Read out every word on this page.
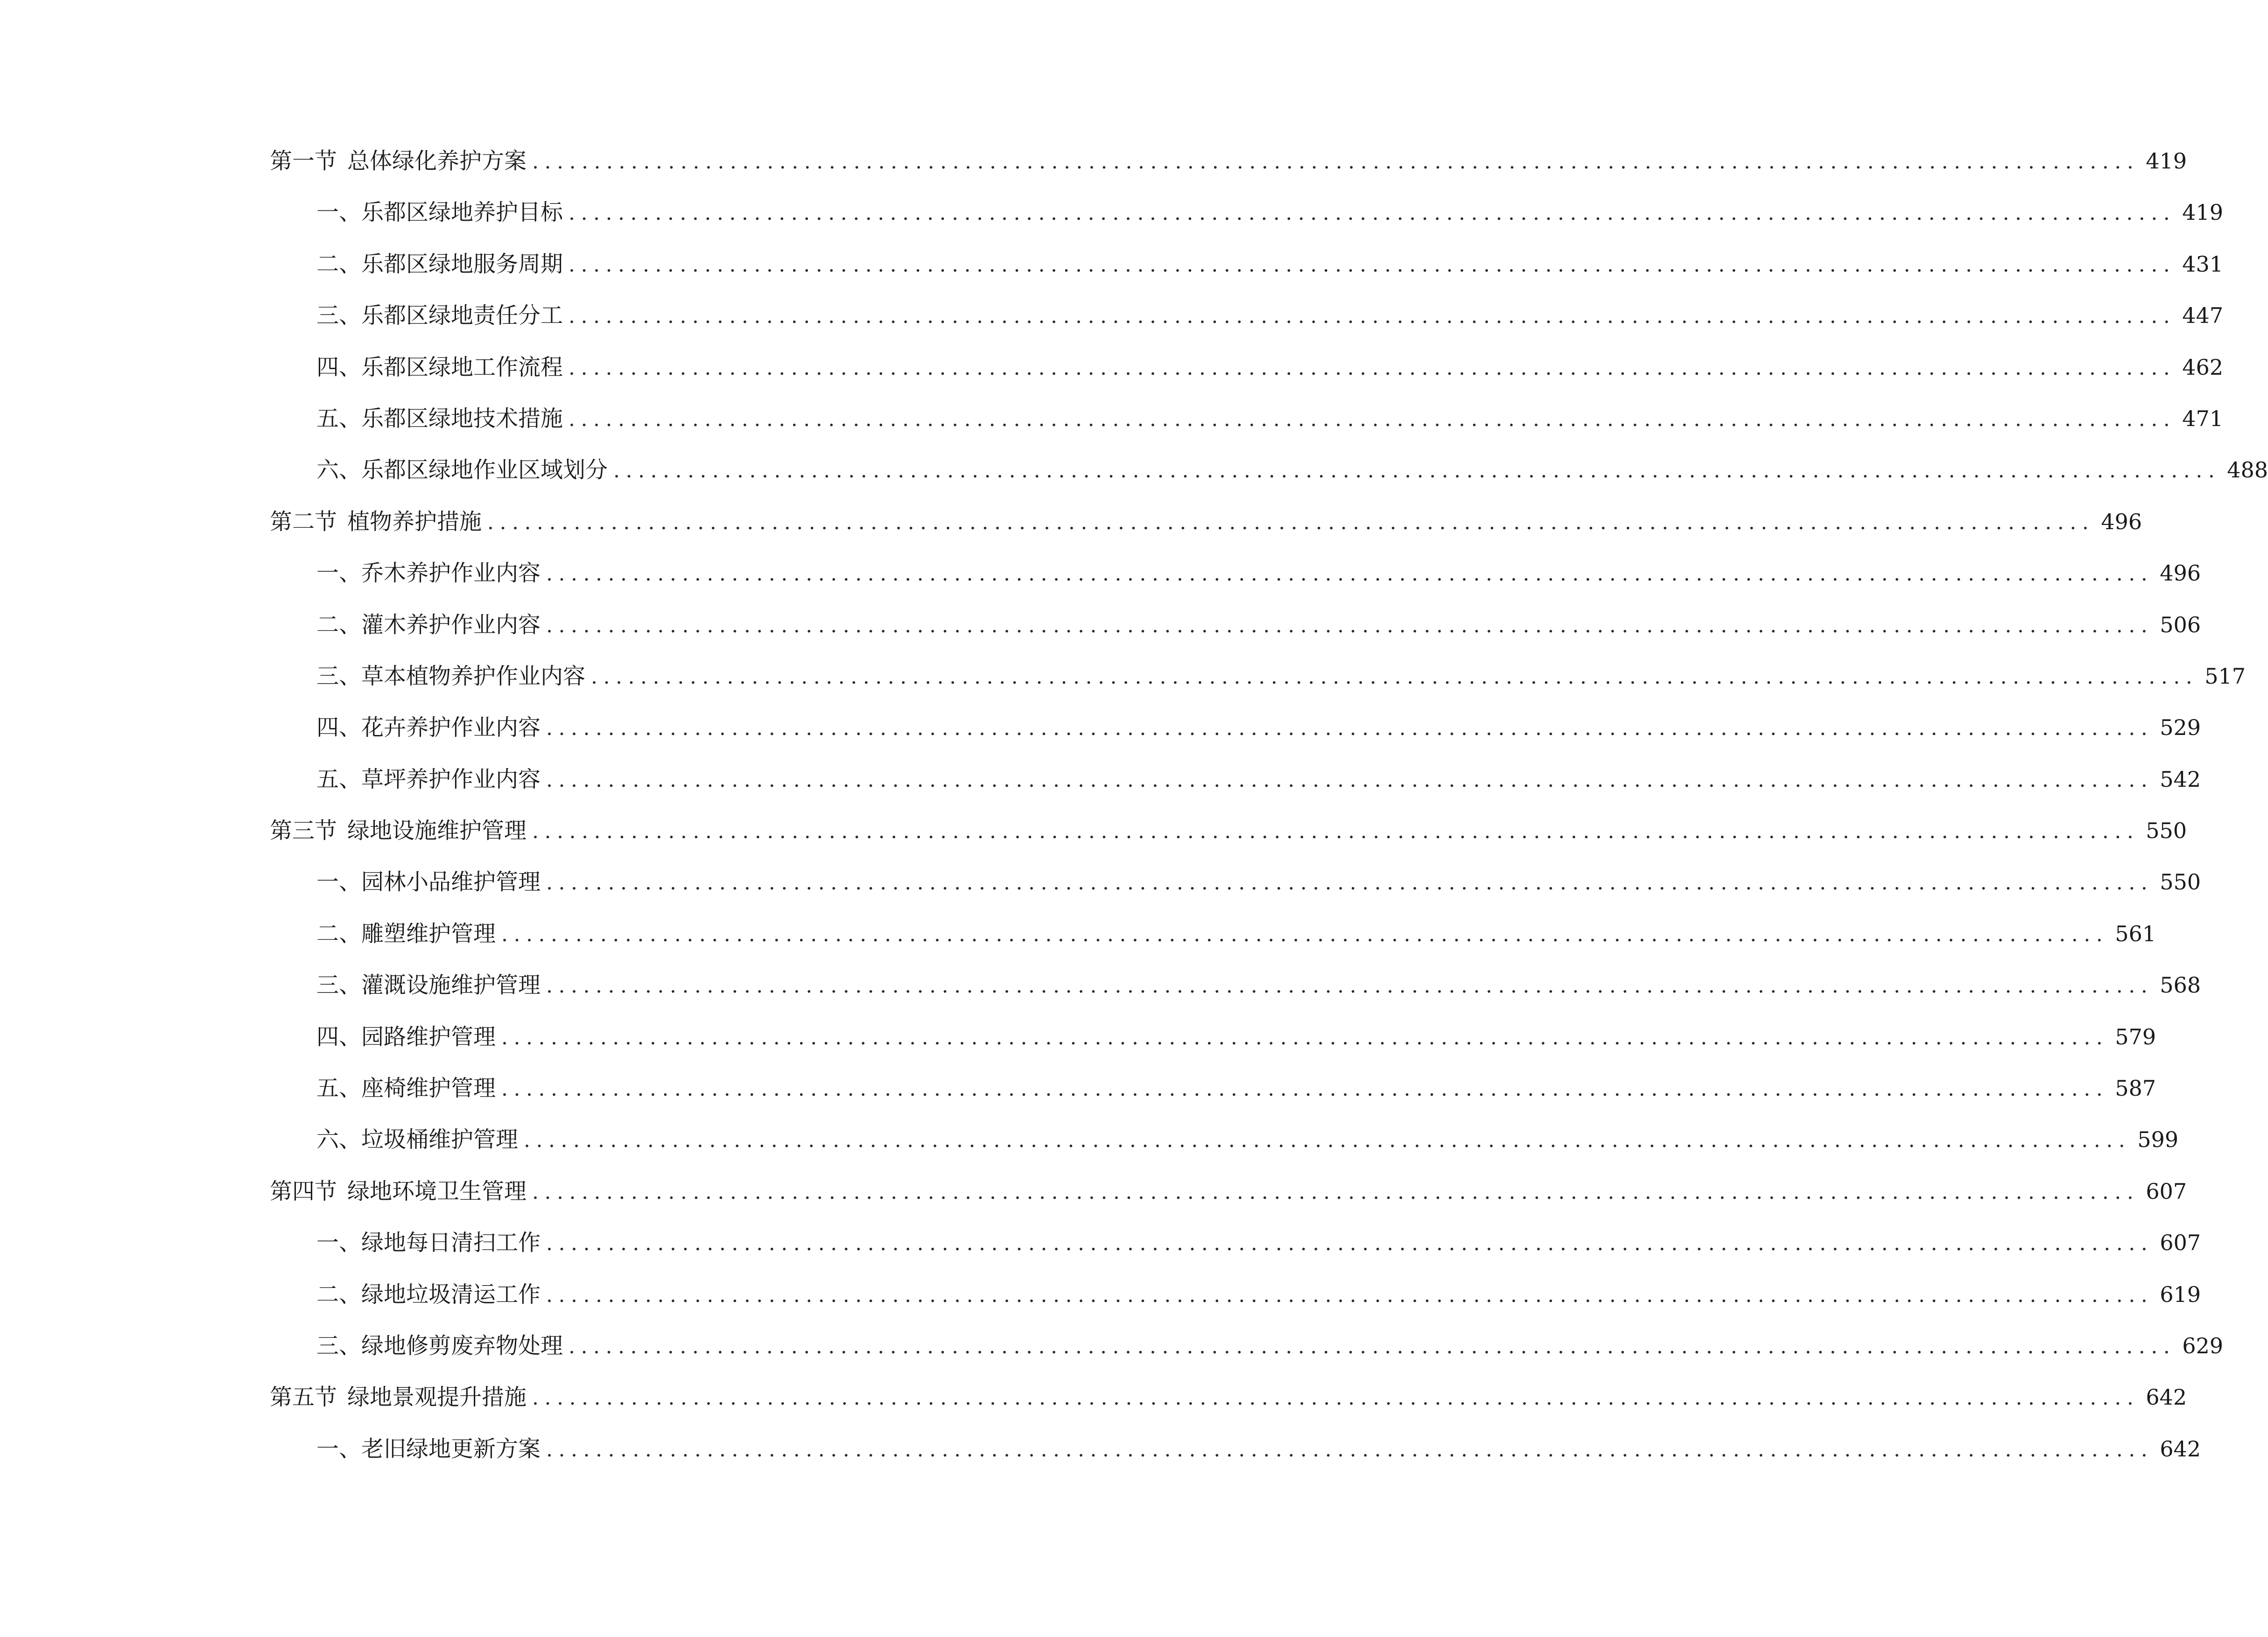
第一节 总体绿化养护方案 .................................................................................................................................. 419
一、 乐都区绿地养护目标 .................................................................................................................................. 419
二、 乐都区绿地服务周期 .................................................................................................................................. 431
三、 乐都区绿地责任分工 .................................................................................................................................. 447
四、 乐都区绿地工作流程 .................................................................................................................................. 462
五、 乐都区绿地技术措施 .................................................................................................................................. 471
六、 乐都区绿地作业区域划分 .................................................................................................................................. 488
第二节 植物养护措施 .................................................................................................................................. 496
一、 乔木养护作业内容 .................................................................................................................................. 496
二、 灌木养护作业内容 .................................................................................................................................. 506
三、 草本植物养护作业内容 .................................................................................................................................. 517
四、 花卉养护作业内容 .................................................................................................................................. 529
五、 草坪养护作业内容 .................................................................................................................................. 542
第三节 绿地设施维护管理 .................................................................................................................................. 550
一、 园林小品维护管理 .................................................................................................................................. 550
二、 雕塑维护管理 .................................................................................................................................. 561
三、 灌溉设施维护管理 .................................................................................................................................. 568
四、 园路维护管理 .................................................................................................................................. 579
五、 座椅维护管理 .................................................................................................................................. 587
六、 垃圾桶维护管理 .................................................................................................................................. 599
第四节 绿地环境卫生管理 .................................................................................................................................. 607
一、 绿地每日清扫工作 .................................................................................................................................. 607
二、 绿地垃圾清运工作 .................................................................................................................................. 619
三、 绿地修剪废弃物处理 .................................................................................................................................. 629
第五节 绿地景观提升措施 .................................................................................................................................. 642
一、 老旧绿地更新方案 .................................................................................................................................. 642
